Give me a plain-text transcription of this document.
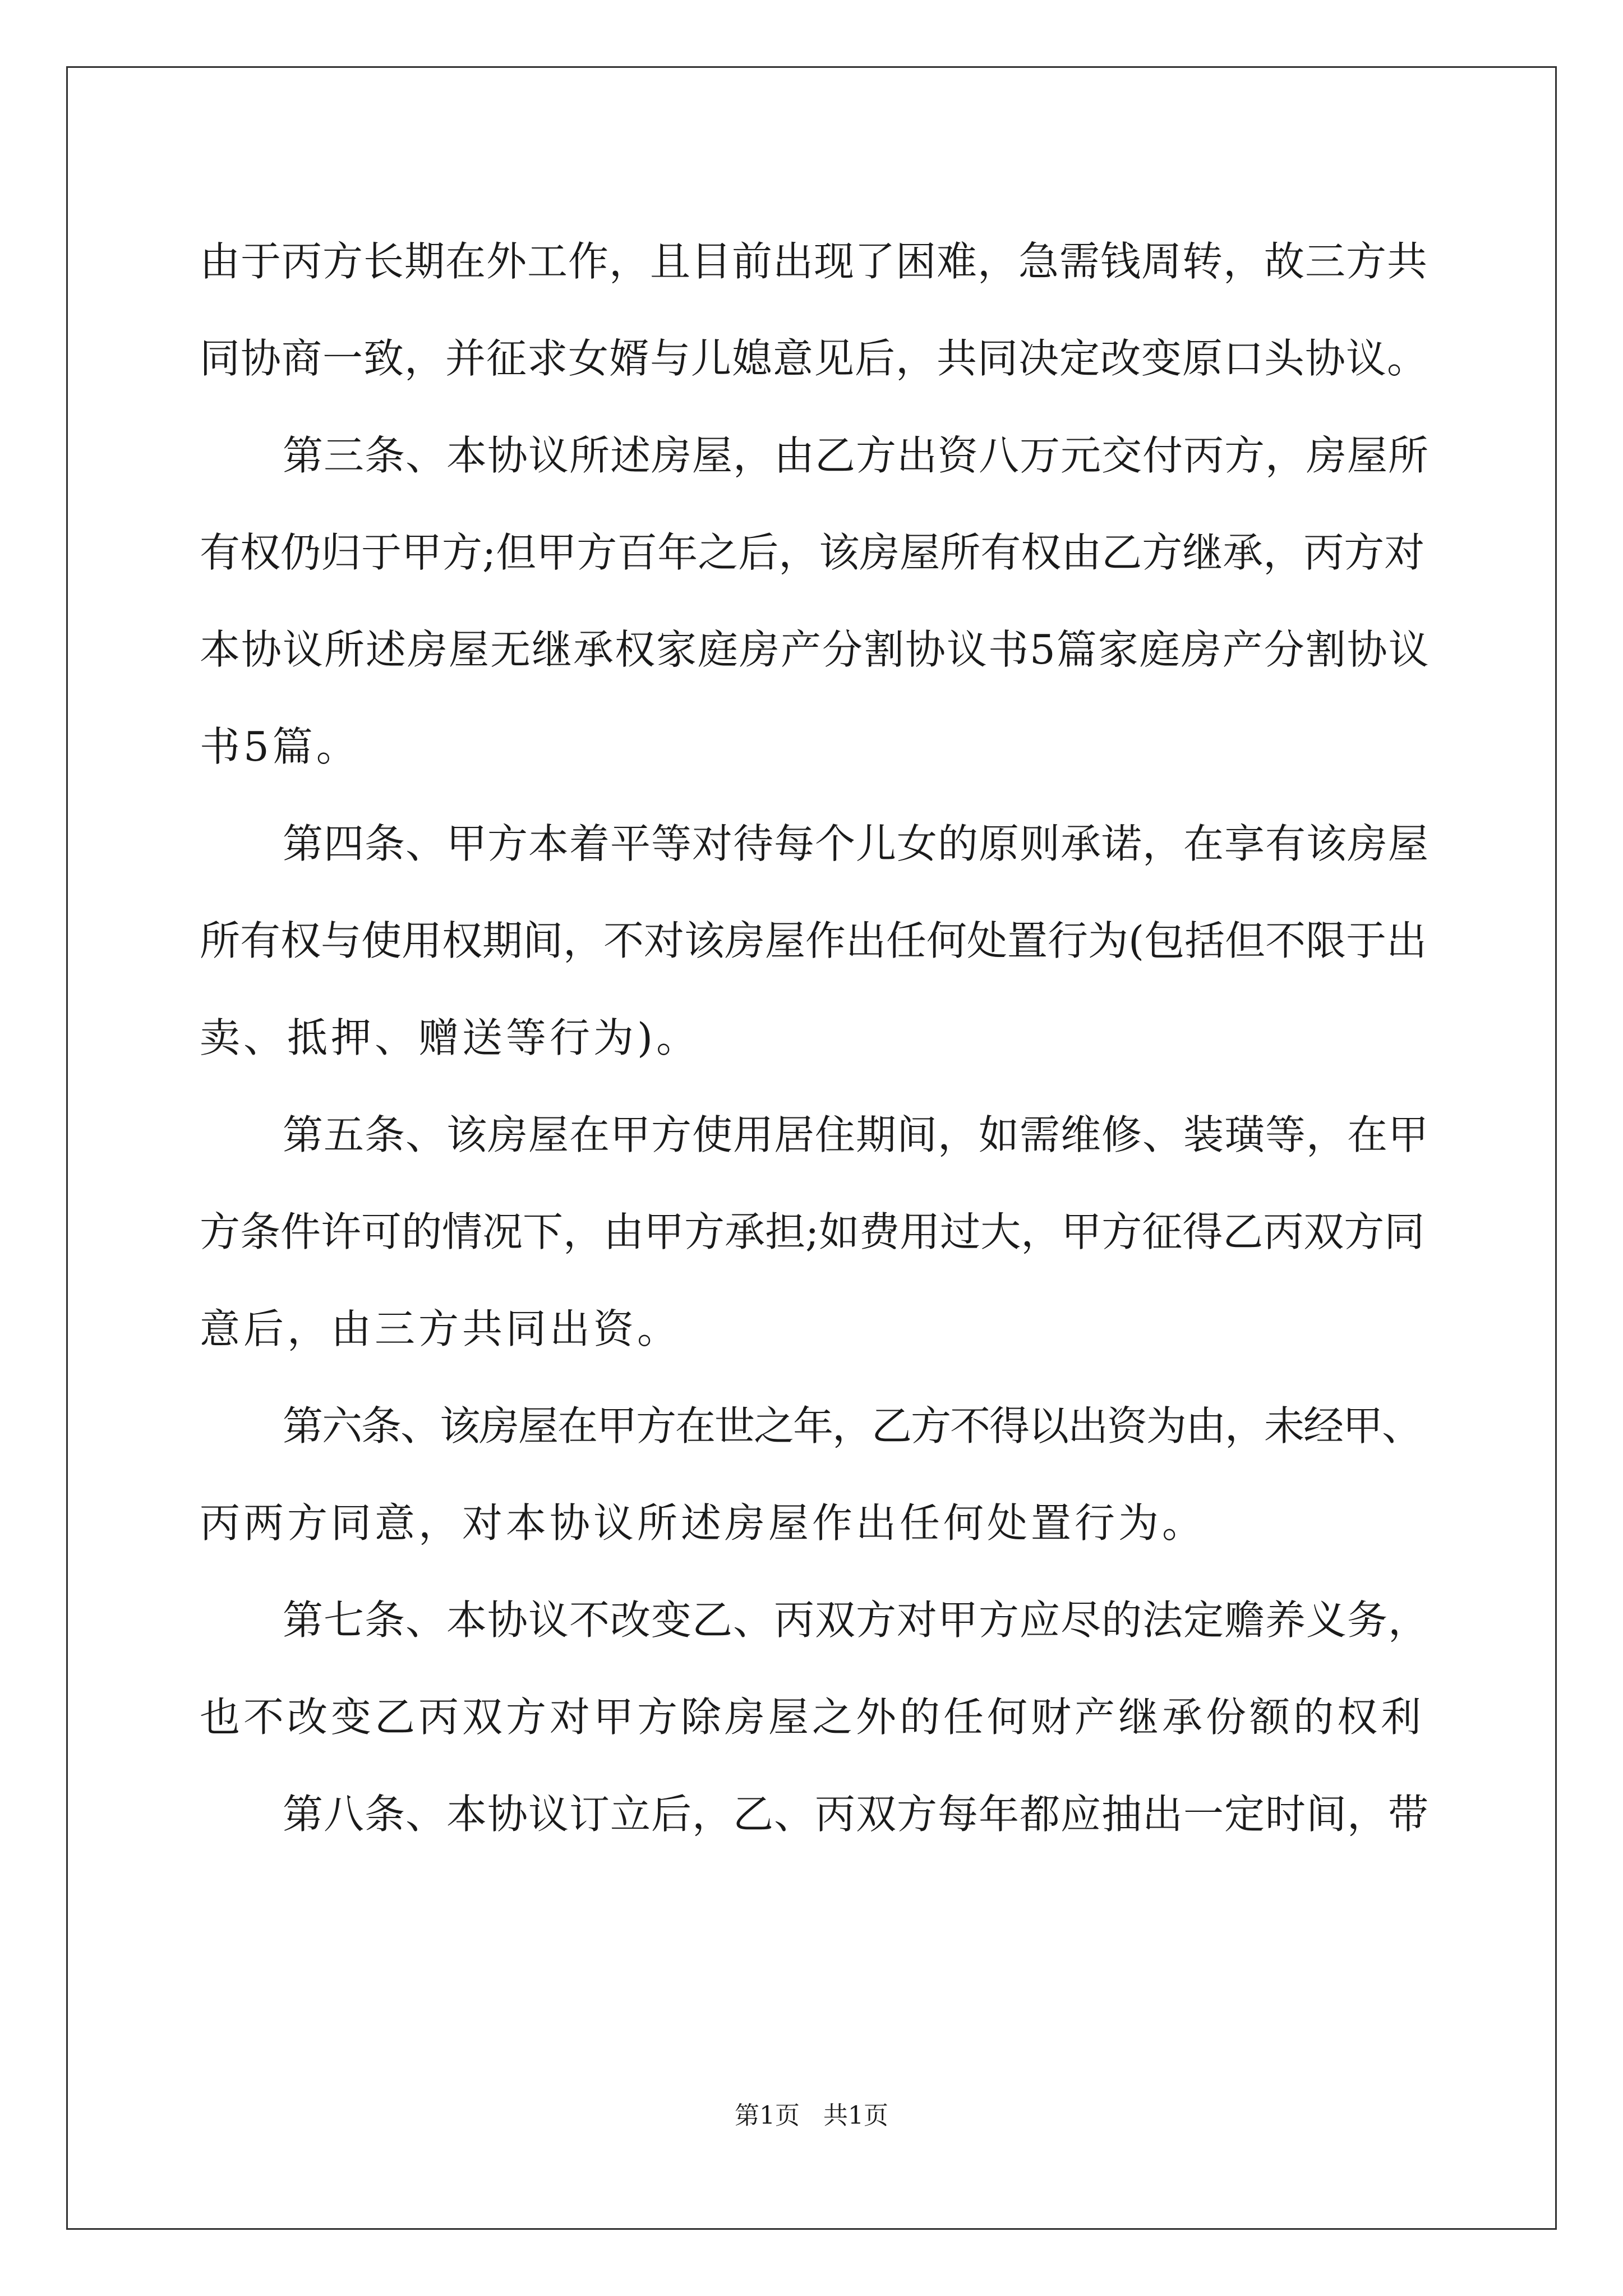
由于丙方长期在外工作，且目前出现了困难，急需钱周转，故三方共

同协商一致，并征求女婿与儿媳意见后，共同决定改变原口头协议。

第三条、本协议所述房屋，由乙方出资八万元交付丙方，房屋所

有权仍归于甲方;但甲方百年之后，该房屋所有权由乙方继承，丙方对

本协议所述房屋无继承权家庭房产分割协议书5篇家庭房产分割协议

书5篇。

第四条、甲方本着平等对待每个儿女的原则承诺，在享有该房屋

所有权与使用权期间，不对该房屋作出任何处置行为(包括但不限于出

卖、抵押、赠送等行为)。

第五条、该房屋在甲方使用居住期间，如需维修、装璜等，在甲

方条件许可的情况下，由甲方承担;如费用过大，甲方征得乙丙双方同

意后，由三方共同出资。

第六条、该房屋在甲方在世之年，乙方不得以出资为由，未经甲、

丙两方同意，对本协议所述房屋作出任何处置行为。

第七条、本协议不改变乙、丙双方对甲方应尽的法定赡养义务，

也不改变乙丙双方对甲方除房屋之外的任何财产继承份额的权利

第八条、本协议订立后，乙、丙双方每年都应抽出一定时间，带

第1页   共1页
